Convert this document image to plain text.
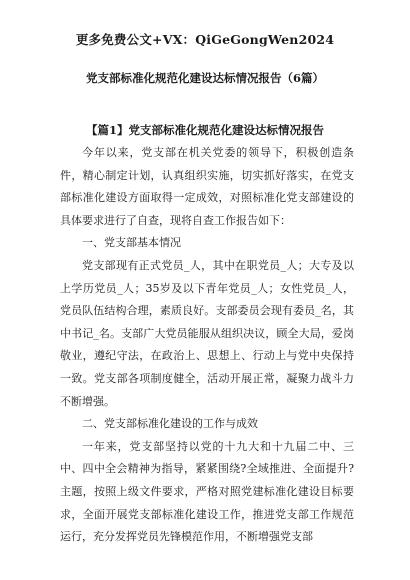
更多免费公文+VX：QiGeGongWen2024
党支部标准化规范化建设达标情况报告（6篇）
【篇1】党支部标准化规范化建设达标情况报告

今年以来，党支部在机关党委的领导下，积极创造条件，精心制定计划，认真组织实施，切实抓好落实，在党支部标准化建设方面取得一定成效，对照标准化党支部建设的具体要求进行了自查，现将自查工作报告如下：

一、党支部基本情况

党支部现有正式党员_人，其中在职党员_人；大专及以上学历党员_人；35岁及以下青年党员_人；女性党员_人，党员队伍结构合理，素质良好。支部委员会现有委员_名，其中书记_名。支部广大党员能服从组织决议，顾全大局，爱岗敬业，遵纪守法，在政治上、思想上、行动上与党中央保持一致。党支部各项制度健全，活动开展正常，凝聚力战斗力不断增强。

二、党支部标准化建设的工作与成效

一年来，党支部坚持以党的十九大和十九届二中、三中、四中全会精神为指导，紧紧围绕?全域推进、全面提升?主题，按照上级文件要求，严格对照党建标准化建设目标要求，全面开展党支部标准化建设工作，推进党支部工作规范运行，充分发挥党员先锋模范作用，不断增强党支部
